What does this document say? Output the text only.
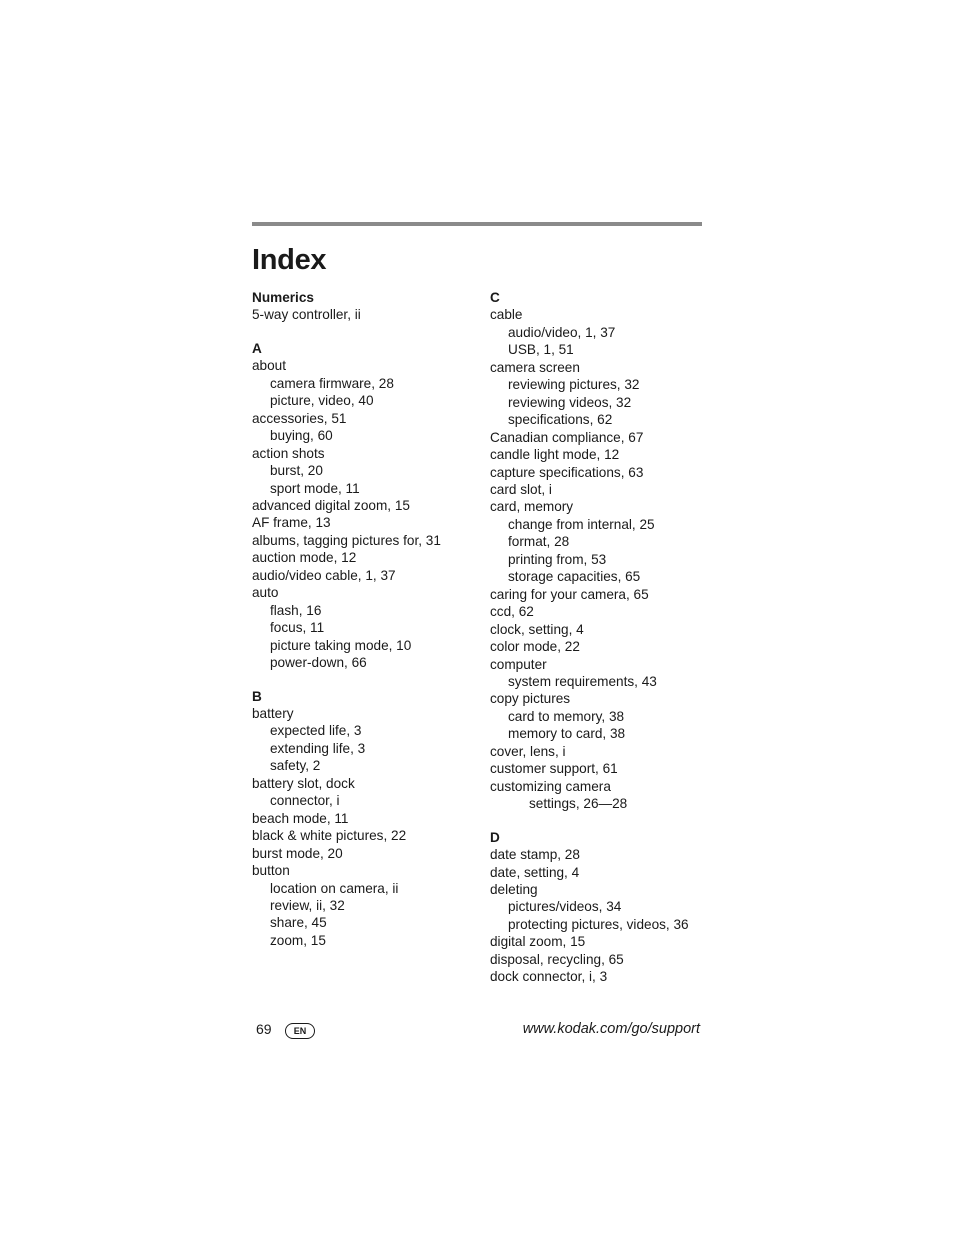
Index
Numerics
5-way controller, ii
A
about
camera firmware, 28
picture, video, 40
accessories, 51
buying, 60
action shots
burst, 20
sport mode, 11
advanced digital zoom, 15
AF frame, 13
albums, tagging pictures for, 31
auction mode, 12
audio/video cable, 1, 37
auto
flash, 16
focus, 11
picture taking mode, 10
power-down, 66
B
battery
expected life, 3
extending life, 3
safety, 2
battery slot, dock
connector, i
beach mode, 11
black & white pictures, 22
burst mode, 20
button
location on camera, ii
review, ii, 32
share, 45
zoom, 15
C
cable
audio/video, 1, 37
USB, 1, 51
camera screen
reviewing pictures, 32
reviewing videos, 32
specifications, 62
Canadian compliance, 67
candle light mode, 12
capture specifications, 63
card slot, i
card, memory
change from internal, 25
format, 28
printing from, 53
storage capacities, 65
caring for your camera, 65
ccd, 62
clock, setting, 4
color mode, 22
computer
system requirements, 43
copy pictures
card to memory, 38
memory to card, 38
cover, lens, i
customer support, 61
customizing camera
settings, 26—28
D
date stamp, 28
date, setting, 4
deleting
pictures/videos, 34
protecting pictures, videos, 36
digital zoom, 15
disposal, recycling, 65
dock connector, i, 3
69	EN	www.kodak.com/go/support
